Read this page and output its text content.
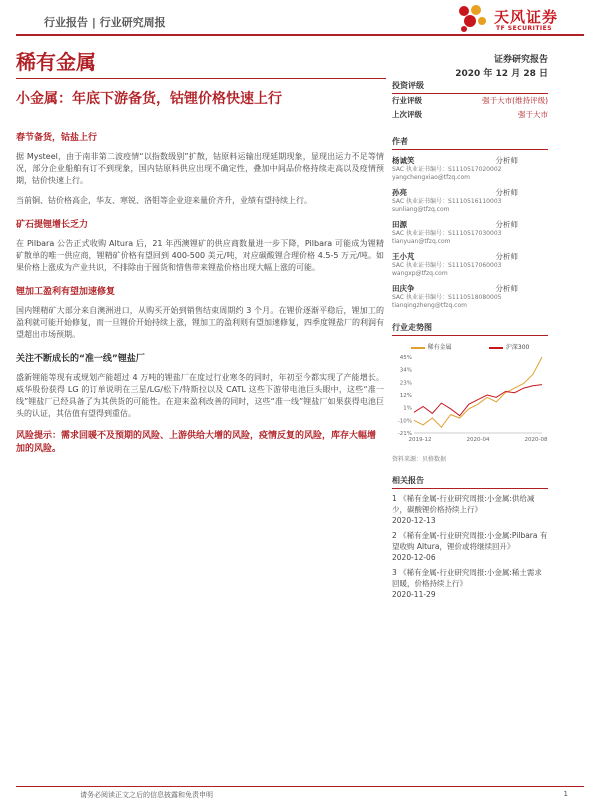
行业报告 | 行业研究周报	天风证券
TF SECURITIES
稀有金属	证券研究报告
2020 年 12 月 28 日
小金属：年底下游备货，钴锂价格快速上行
春节备货，钴盐上行
据 Mysteel，由于南非第二波疫情“以指数级别”扩散，钴原料运输出现延期现象，显现出运力不足等情况，部分企业船舶有订不到现象，国内钴原料供应出现不确定性，叠加中间品价格持续走高以及疫情预期，钴价快速上行。
当前铜、钴价格高企，华友、寒锐、洛钼等企业迎来量价齐升，业绩有望持续上行。
矿石提锂增长乏力
在 Pilbara 公告正式收购 Altura 后，21 年西澳锂矿的供应商数量进一步下降，Pilbara 可能成为锂精矿散单的唯一供应商，锂精矿价格有望回到 400-500 美元/吨，对应碳酸锂合理价格 4.5-5 万元/吨。如果价格上涨成为产业共识，不排除由于囤货和惜售带来锂盐价格出现大幅上涨的可能。
锂加工盈利有望加速修复
国内锂精矿大部分来自澳洲进口，从购买开始到销售结束周期约 3 个月。在锂价逐渐平稳后，锂加工的盈利就可能开始修复，而一旦锂价开始持续上涨，锂加工的盈利则有望加速修复，四季度锂盐厂的利润有望超出市场预期。
关注不断成长的“准一线”锂盐厂
盛新锂能等现有或规划产能超过 4 万吨的锂盐厂在度过行业寒冬的同时，年初至今都实现了产能增长。威华股份获得 LG 的订单说明在三星/LG/松下/特斯拉以及 CATL 这些下游带电池巨头眼中，这些“准一线”锂盐厂已经具备了为其供货的可能性。在迎来盈利改善的同时，这些“准一线”锂盐厂如果获得电池巨头的认证，其估值有望得到重估。
风险提示：需求回暖不及预期的风险、上游供给大增的风险，疫情反复的风险，库存大幅增加的风险。
投资评级
行业评级	强于大市(维持评级)
上次评级	强于大市
作者
杨诚笑	分析师
SAC 执业证书编号：S1110517020002
yangchengxiao@tfzq.com
孙亮	分析师
SAC 执业证书编号：S1110516110003
sunliang@tfzq.com
田源	分析师
SAC 执业证书编号：S1110517030003
tianyuan@tfzq.com
王小芃	分析师
SAC 执业证书编号：S1110517060003
wangxp@tfzq.com
田庆争	分析师
SAC 执业证书编号：S1110518080005
tianqingzheng@tfzq.com
行业走势图
稀有金属	沪深300
45%
34%
23%
12%
1%
-10%
-21%
2019-12	2020-04	2020-08
资料来源：贝格数据
相关报告
1 《稀有金属-行业研究周报:小金属:供给减少，碳酸锂价格持续上行》
2020-12-13
2 《稀有金属-行业研究周报:小金属:Pilbara 有望收购 Altura，锂价或将继续回升》
2020-12-06
3 《稀有金属-行业研究周报:小金属:稀土需求回暖，价格持续上行》
2020-11-29
请务必阅读正文之后的信息披露和免责申明	1
